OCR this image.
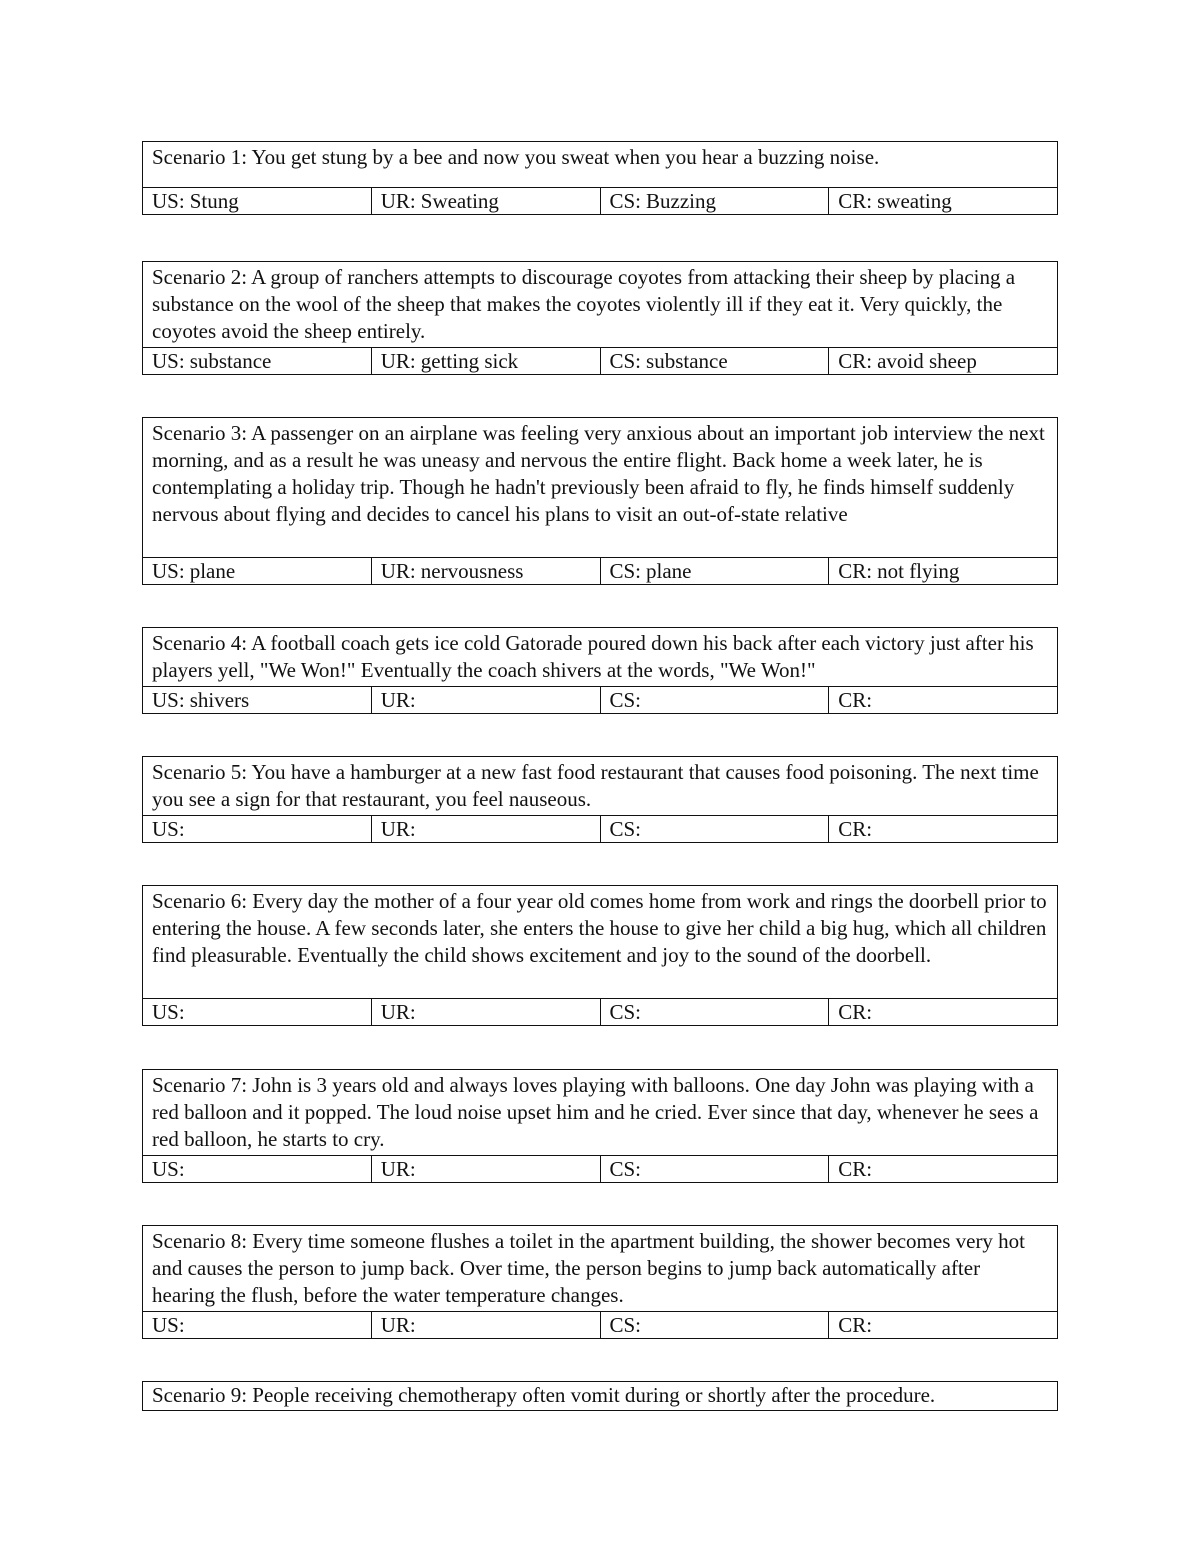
Scenario 1: You get stung by a bee and now you sweat when you hear a buzzing noise.
US: Stung	UR: Sweating	CS: Buzzing	CR: sweating
Scenario 2: A group of ranchers attempts to discourage coyotes from attacking their sheep by placing a substance on the wool of the sheep that makes the coyotes violently ill if they eat it. Very quickly, the coyotes avoid the sheep entirely.
US: substance	UR: getting sick	CS: substance	CR: avoid sheep
Scenario 3: A passenger on an airplane was feeling very anxious about an important job interview the next morning, and as a result he was uneasy and nervous the entire flight. Back home a week later, he is contemplating a holiday trip. Though he hadn't previously been afraid to fly, he finds himself suddenly nervous about flying and decides to cancel his plans to visit an out-of-state relative
US: plane	UR: nervousness	CS: plane	CR: not flying
Scenario 4: A football coach gets ice cold Gatorade poured down his back after each victory just after his players yell, "We Won!" Eventually the coach shivers at the words, "We Won!"
US: shivers	UR:	CS:	CR:
Scenario 5: You have a hamburger at a new fast food restaurant that causes food poisoning. The next time you see a sign for that restaurant, you feel nauseous.
US:	UR:	CS:	CR:
Scenario 6: Every day the mother of a four year old comes home from work and rings the doorbell prior to entering the house. A few seconds later, she enters the house to give her child a big hug, which all children find pleasurable. Eventually the child shows excitement and joy to the sound of the doorbell.
US:	UR:	CS:	CR:
Scenario 7: John is 3 years old and always loves playing with balloons. One day John was playing with a red balloon and it popped. The loud noise upset him and he cried. Ever since that day, whenever he sees a red balloon, he starts to cry.
US:	UR:	CS:	CR:
Scenario 8: Every time someone flushes a toilet in the apartment building, the shower becomes very hot and causes the person to jump back. Over time, the person begins to jump back automatically after hearing the flush, before the water temperature changes.
US:	UR:	CS:	CR:
Scenario 9: People receiving chemotherapy often vomit during or shortly after the procedure.
